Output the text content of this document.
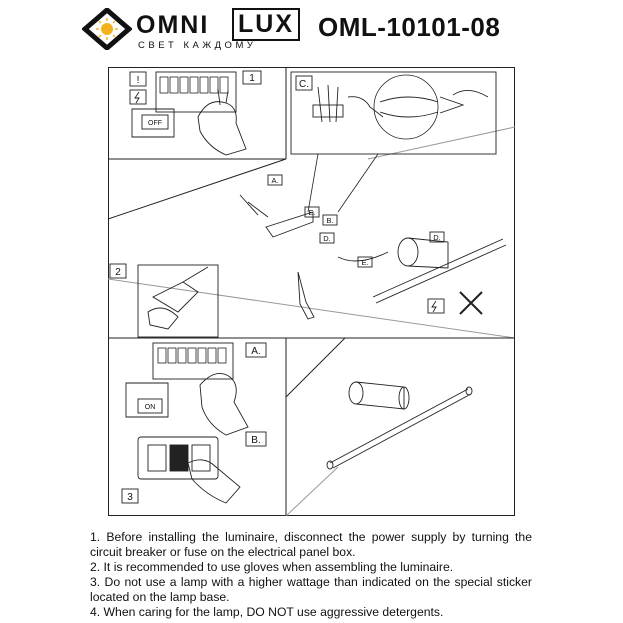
OMNI LUX
СВЕТ КАЖДОМУ
OML-10101-08
!	1
OFF
C.
2
A.
B.
E.
D.
E.
D.
A.
ON
B.
3

1. Before installing the luminaire, disconnect the power supply by turning the

circuit breaker or fuse on the electrical panel box.

2. It is recommended to use gloves when assembling the luminaire.

3. Do not use a lamp with a higher wattage than indicated on the special sticker

located on the lamp base.

4. When caring for the lamp, DO NOT use aggressive detergents.
